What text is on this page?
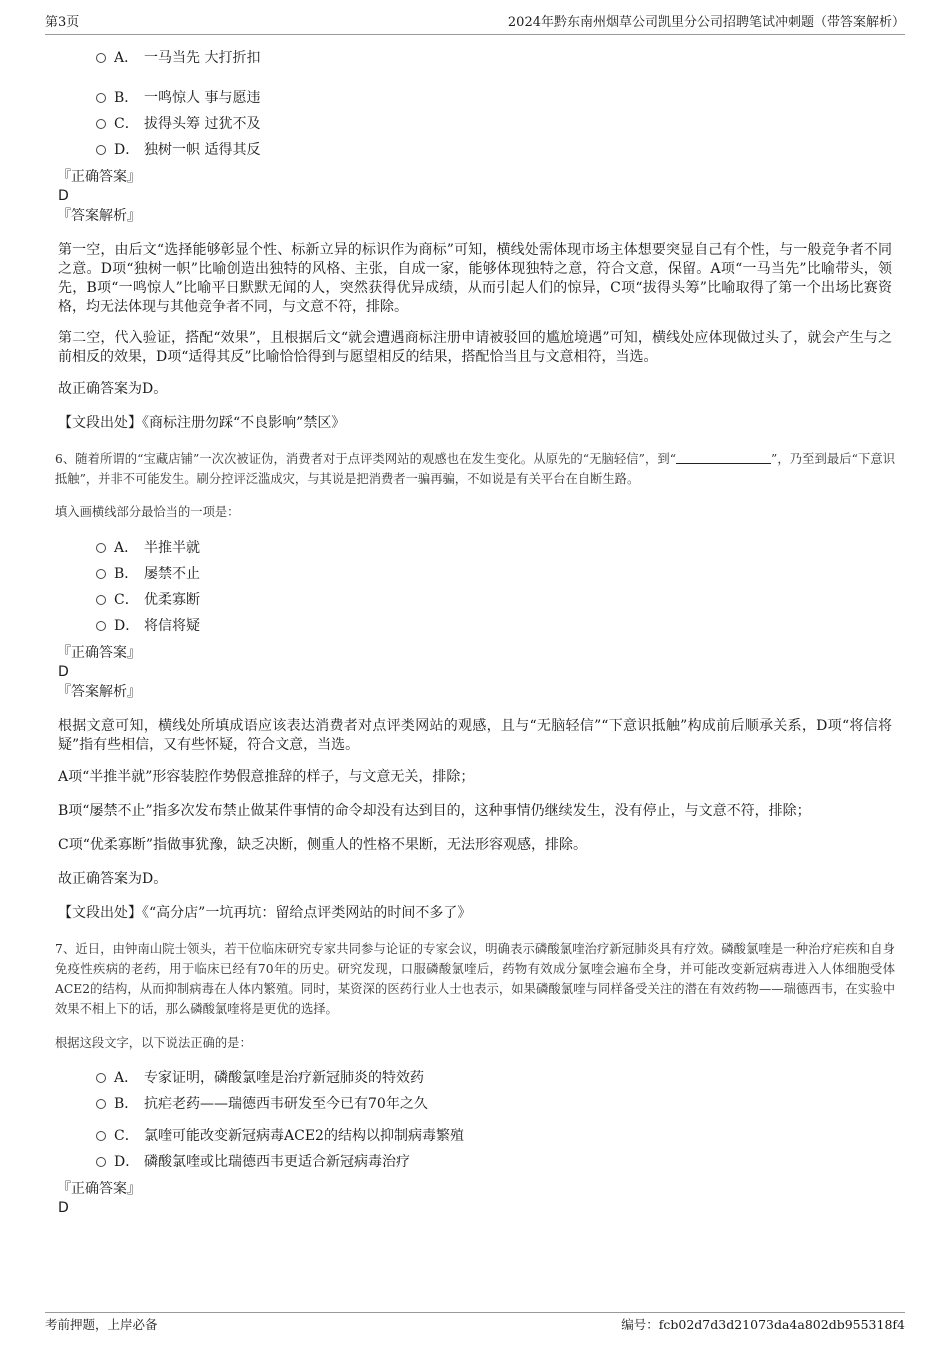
第3页	2024年黔东南州烟草公司凯里分公司招聘笔试冲刺题（带答案解析）
A． 一马当先 大打折扣
B． 一鸣惊人 事与愿违
C． 拔得头筹 过犹不及
D． 独树一帜 适得其反
『正确答案』
D
『答案解析』
第一空，由后文“选择能够彰显个性、标新立异的标识作为商标”可知，横线处需体现市场主体想要突显自己有个性，与一般竞争者不同之意。D项“独树一帜”比喻创造出独特的风格、主张，自成一家，能够体现独特之意，符合文意，保留。A项“一马当先”比喻带头，领先，B项“一鸣惊人”比喻平日默默无闻的人，突然获得优异成绩，从而引起人们的惊异，C项“拔得头筹”比喻取得了第一个出场比赛资格，均无法体现与其他竞争者不同，与文意不符，排除。
第二空，代入验证，搭配“效果”，且根据后文“就会遭遇商标注册申请被驳回的尴尬境遇”可知，横线处应体现做过头了，就会产生与之前相反的效果，D项“适得其反”比喻恰恰得到与愿望相反的结果，搭配恰当且与文意相符，当选。
故正确答案为D。
【文段出处】《商标注册勿踩“不良影响”禁区》
6、随着所谓的“宝藏店铺”一次次被证伪，消费者对于点评类网站的观感也在发生变化。从原先的“无脑轻信”，到“	”，乃至到最后“下意识抵触”，并非不可能发生。刷分控评泛滥成灾，与其说是把消费者一骗再骗，不如说是有关平台在自断生路。
填入画横线部分最恰当的一项是：
A． 半推半就
B． 屡禁不止
C． 优柔寡断
D． 将信将疑
『正确答案』
D
『答案解析』
根据文意可知，横线处所填成语应该表达消费者对点评类网站的观感，且与“无脑轻信”“下意识抵触”构成前后顺承关系，D项“将信将疑”指有些相信，又有些怀疑，符合文意，当选。
A项“半推半就”形容装腔作势假意推辞的样子，与文意无关，排除；
B项“屡禁不止”指多次发布禁止做某件事情的命令却没有达到目的，这种事情仍继续发生，没有停止，与文意不符，排除；
C项“优柔寡断”指做事犹豫，缺乏决断，侧重人的性格不果断，无法形容观感，排除。
故正确答案为D。
【文段出处】《“高分店”一坑再坑：留给点评类网站的时间不多了》
7、近日，由钟南山院士领头，若干位临床研究专家共同参与论证的专家会议，明确表示磷酸氯喹治疗新冠肺炎具有疗效。磷酸氯喹是一种治疗疟疾和自身免疫性疾病的老药，用于临床已经有70年的历史。研究发现，口服磷酸氯喹后，药物有效成分氯喹会遍布全身，并可能改变新冠病毒进入人体细胞受体ACE2的结构，从而抑制病毒在人体内繁殖。同时，某资深的医药行业人士也表示，如果磷酸氯喹与同样备受关注的潜在有效药物——瑞德西韦，在实验中效果不相上下的话，那么磷酸氯喹将是更优的选择。
根据这段文字，以下说法正确的是：
A． 专家证明，磷酸氯喹是治疗新冠肺炎的特效药
B． 抗疟老药——瑞德西韦研发至今已有70年之久
C． 氯喹可能改变新冠病毒ACE2的结构以抑制病毒繁殖
D． 磷酸氯喹或比瑞德西韦更适合新冠病毒治疗
『正确答案』
D
考前押题，上岸必备	编号：fcb02d7d3d21073da4a802db955318f4
